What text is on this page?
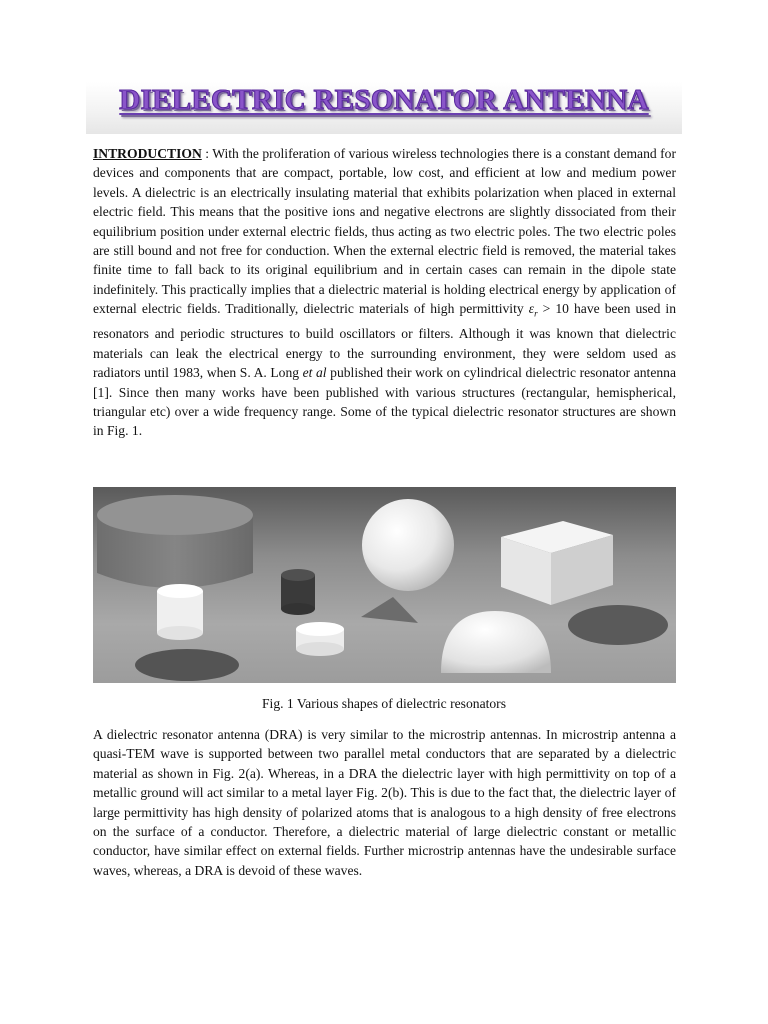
DIELECTRIC RESONATOR ANTENNA

INTRODUCTION : With the proliferation of various wireless technologies there is a constant demand for devices and components that are compact, portable, low cost, and efficient at low and medium power levels. A dielectric is an electrically insulating material that exhibits polarization when placed in external electric field. This means that the positive ions and negative electrons are slightly dissociated from their equilibrium position under external electric fields, thus acting as two electric poles. The two electric poles are still bound and not free for conduction. When the external electric field is removed, the material takes finite time to fall back to its original equilibrium and in certain cases can remain in the dipole state indefinitely. This practically implies that a dielectric material is holding electrical energy by application of external electric fields. Traditionally, dielectric materials of high permittivity $\varepsilon_r > 10$ have been used in resonators and periodic structures to build oscillators or filters. Although it was known that dielectric materials can leak the electrical energy to the surrounding environment, they were seldom used as radiators until 1983, when S. A. Long et al published their work on cylindrical dielectric resonator antenna [1]. Since then many works have been published with various structures (rectangular, hemispherical, triangular etc) over a wide frequency range. Some of the typical dielectric resonator structures are shown in Fig. 1.

Fig. 1 Various shapes of dielectric resonators

A dielectric resonator antenna (DRA) is very similar to the microstrip antennas. In microstrip antenna a quasi-TEM wave is supported between two parallel metal conductors that are separated by a dielectric material as shown in Fig. 2(a). Whereas, in a DRA the dielectric layer with high permittivity on top of a metallic ground will act similar to a metal layer Fig. 2(b). This is due to the fact that, the dielectric layer of large permittivity has high density of polarized atoms that is analogous to a high density of free electrons on the surface of a conductor. Therefore, a dielectric material of large dielectric constant or metallic conductor, have similar effect on external fields. Further microstrip antennas have the undesirable surface waves, whereas, a DRA is devoid of these waves.
